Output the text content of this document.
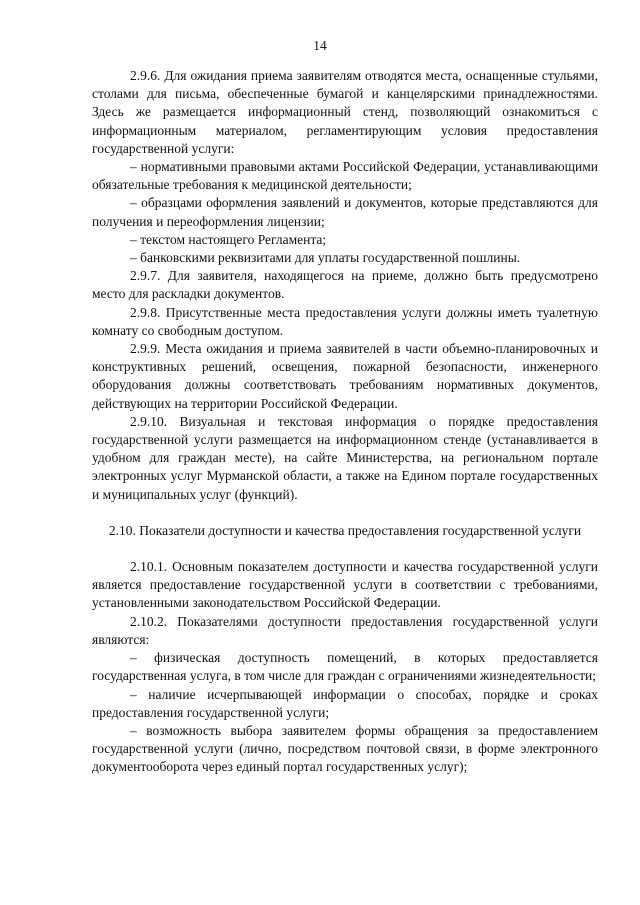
14

2.9.6. Для ожидания приема заявителям отводятся места, оснащенные стульями, столами для письма, обеспеченные бумагой и канцелярскими принадлежностями. Здесь же размещается информационный стенд, позволяющий ознакомиться с информационным материалом, регламентирующим условия предоставления государственной услуги:

– нормативными правовыми актами Российской Федерации, устанавливающими обязательные требования к медицинской деятельности;

– образцами оформления заявлений и документов, которые представляются для получения и переоформления лицензии;

– текстом настоящего Регламента;

– банковскими реквизитами для уплаты государственной пошлины.

2.9.7. Для заявителя, находящегося на приеме, должно быть предусмотрено место для раскладки документов.

2.9.8. Присутственные места предоставления услуги должны иметь туалетную комнату со свободным доступом.

2.9.9. Места ожидания и приема заявителей в части объемно-планировочных и конструктивных решений, освещения, пожарной безопасности, инженерного оборудования должны соответствовать требованиям нормативных документов, действующих на территории Российской Федерации.

2.9.10. Визуальная и текстовая информация о порядке предоставления государственной услуги размещается на информационном стенде (устанавливается в удобном для граждан месте), на сайте Министерства, на региональном портале электронных услуг Мурманской области, а также на Едином портале государственных и муниципальных услуг (функций).

2.10. Показатели доступности и качества предоставления государственной услуги

2.10.1. Основным показателем доступности и качества государственной услуги является предоставление государственной услуги в соответствии с требованиями, установленными законодательством Российской Федерации.

2.10.2. Показателями доступности предоставления государственной услуги являются:

– физическая доступность помещений, в которых предоставляется государственная услуга, в том числе для граждан с ограничениями жизнедеятельности;

– наличие исчерпывающей информации о способах, порядке и сроках предоставления государственной услуги;

– возможность выбора заявителем формы обращения за предоставлением государственной услуги (лично, посредством почтовой связи, в форме электронного документооборота через единый портал государственных услуг);
